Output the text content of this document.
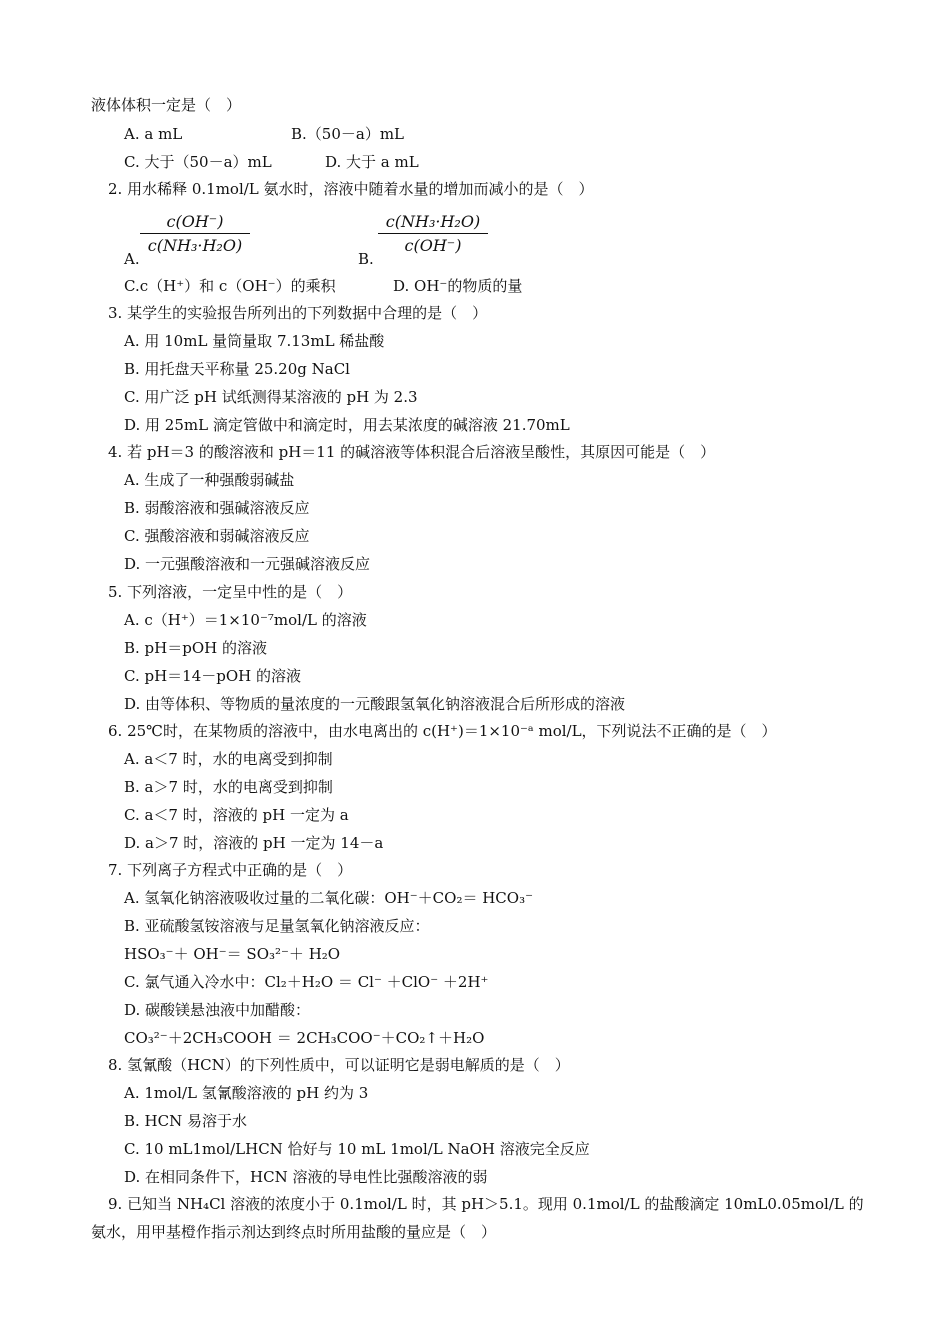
液体体积一定是（　）
A. a mL	B.（50－a）mL
C. 大于（50－a）mL	D. 大于 a mL
2. 用水稀释 0.1mol/L 氨水时，溶液中随着水量的增加而减小的是（　）
$\frac{c(OH^-)}{\text{c(NH₃·H₂O)}}$
A.
$\frac{\text{c(NH₃·H₂O)}}{c(OH^-)}$
B.
C.c（H⁺）和 c（OH⁻）的乘积	D. OH⁻的物质的量
3. 某学生的实验报告所列出的下列数据中合理的是（　）
A. 用 10mL 量筒量取 7.13mL 稀盐酸
B. 用托盘天平称量 25.20g NaCl
C. 用广泛 pH 试纸测得某溶液的 pH 为 2.3
D. 用 25mL 滴定管做中和滴定时，用去某浓度的碱溶液 21.70mL
4. 若 pH＝3 的酸溶液和 pH＝11 的碱溶液等体积混合后溶液呈酸性，其原因可能是（　）
A. 生成了一种强酸弱碱盐
B. 弱酸溶液和强碱溶液反应
C. 强酸溶液和弱碱溶液反应
D. 一元强酸溶液和一元强碱溶液反应
5. 下列溶液，一定呈中性的是（　）
A. c（H⁺）＝1×10⁻⁷mol/L 的溶液
B. pH＝pOH 的溶液
C. pH＝14－pOH 的溶液
D. 由等体积、等物质的量浓度的一元酸跟氢氧化钠溶液混合后所形成的溶液
6. 25℃时，在某物质的溶液中，由水电离出的 c(H⁺)＝1×10⁻ᵃ mol/L，下列说法不正确的是（　）
A. a＜7 时，水的电离受到抑制
B. a＞7 时，水的电离受到抑制
C. a＜7 时，溶液的 pH 一定为 a
D. a＞7 时，溶液的 pH 一定为 14－a
7. 下列离子方程式中正确的是（　）
A. 氢氧化钠溶液吸收过量的二氧化碳：OH⁻＋CO₂＝ HCO₃⁻
B. 亚硫酸氢铵溶液与足量氢氧化钠溶液反应：
HSO₃⁻＋ OH⁻＝ SO₃²⁻＋ H₂O
C. 氯气通入冷水中：Cl₂＋H₂O ＝ Cl⁻ ＋ClO⁻ ＋2H⁺
D. 碳酸镁悬浊液中加醋酸：
CO₃²⁻＋2CH₃COOH ＝ 2CH₃COO⁻＋CO₂↑＋H₂O
8. 氢氰酸（HCN）的下列性质中，可以证明它是弱电解质的是（　）
A. 1mol/L 氢氰酸溶液的 pH 约为 3
B. HCN 易溶于水
C. 10 mL1mol/LHCN 恰好与 10 mL 1mol/L NaOH 溶液完全反应
D. 在相同条件下，HCN 溶液的导电性比强酸溶液的弱
9. 已知当 NH₄Cl 溶液的浓度小于 0.1mol/L 时，其 pH＞5.1。现用 0.1mol/L 的盐酸滴定 10mL0.05mol/L 的
氨水，用甲基橙作指示剂达到终点时所用盐酸的量应是（　）
